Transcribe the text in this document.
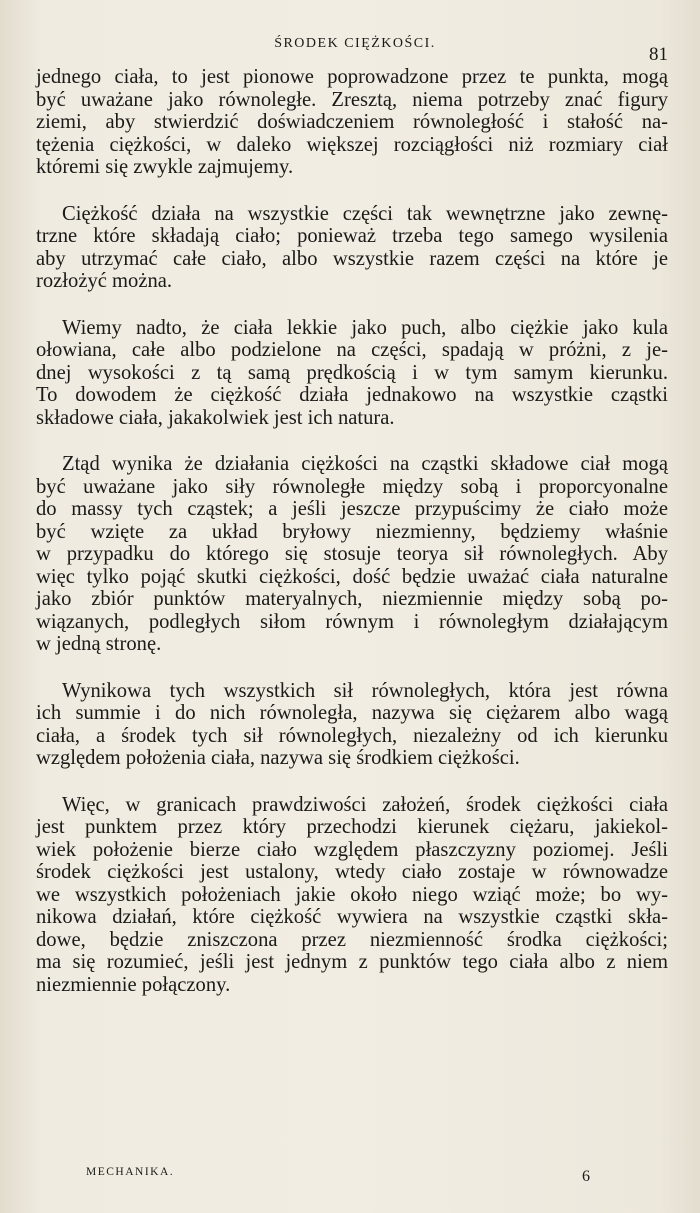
ŚRODEK CIĘŻKOŚCI.
81
jednego ciała, to jest pionowe poprowadzone przez te punkta, mogą
być uważane jako równoległe. Zresztą, niema potrzeby znać figury
ziemi, aby stwierdzić doświadczeniem równoległość i stałość na-
tężenia ciężkości, w daleko większej rozciągłości niż rozmiary ciał
któremi się zwykle zajmujemy.
Ciężkość działa na wszystkie części tak wewnętrzne jako zewnę-
trzne które składają ciało; ponieważ trzeba tego samego wysilenia
aby utrzymać całe ciało, albo wszystkie razem części na które je
rozłożyć można.
Wiemy nadto, że ciała lekkie jako puch, albo ciężkie jako kula
ołowiana, całe albo podzielone na części, spadają w próżni, z je-
dnej wysokości z tą samą prędkością i w tym samym kierunku.
To dowodem że ciężkość działa jednakowo na wszystkie cząstki
składowe ciała, jakakolwiek jest ich natura.
Ztąd wynika że działania ciężkości na cząstki składowe ciał mogą
być uważane jako siły równoległe między sobą i proporcyonalne
do massy tych cząstek; a jeśli jeszcze przypuścimy że ciało może
być wzięte za układ bryłowy niezmienny, będziemy właśnie
w przypadku do którego się stosuje teorya sił równoległych. Aby
więc tylko pojąć skutki ciężkości, dość będzie uważać ciała naturalne
jako zbiór punktów materyalnych, niezmiennie między sobą po-
wiązanych, podległych siłom równym i równoległym działającym
w jedną stronę.
Wynikowa tych wszystkich sił równoległych, która jest równa
ich summie i do nich równoległa, nazywa się ciężarem albo wagą
ciała, a środek tych sił równoległych, niezależny od ich kierunku
względem położenia ciała, nazywa się środkiem ciężkości.
Więc, w granicach prawdziwości założeń, środek ciężkości ciała
jest punktem przez który przechodzi kierunek ciężaru, jakiekol-
wiek położenie bierze ciało względem płaszczyzny poziomej. Jeśli
środek ciężkości jest ustalony, wtedy ciało zostaje w równowadze
we wszystkich położeniach jakie około niego wziąć może; bo wy-
nikowa działań, które ciężkość wywiera na wszystkie cząstki skła-
dowe, będzie zniszczona przez niezmienność środka ciężkości;
ma się rozumieć, jeśli jest jednym z punktów tego ciała albo z niem
niezmiennie połączony.
MECHANIKA.	6
